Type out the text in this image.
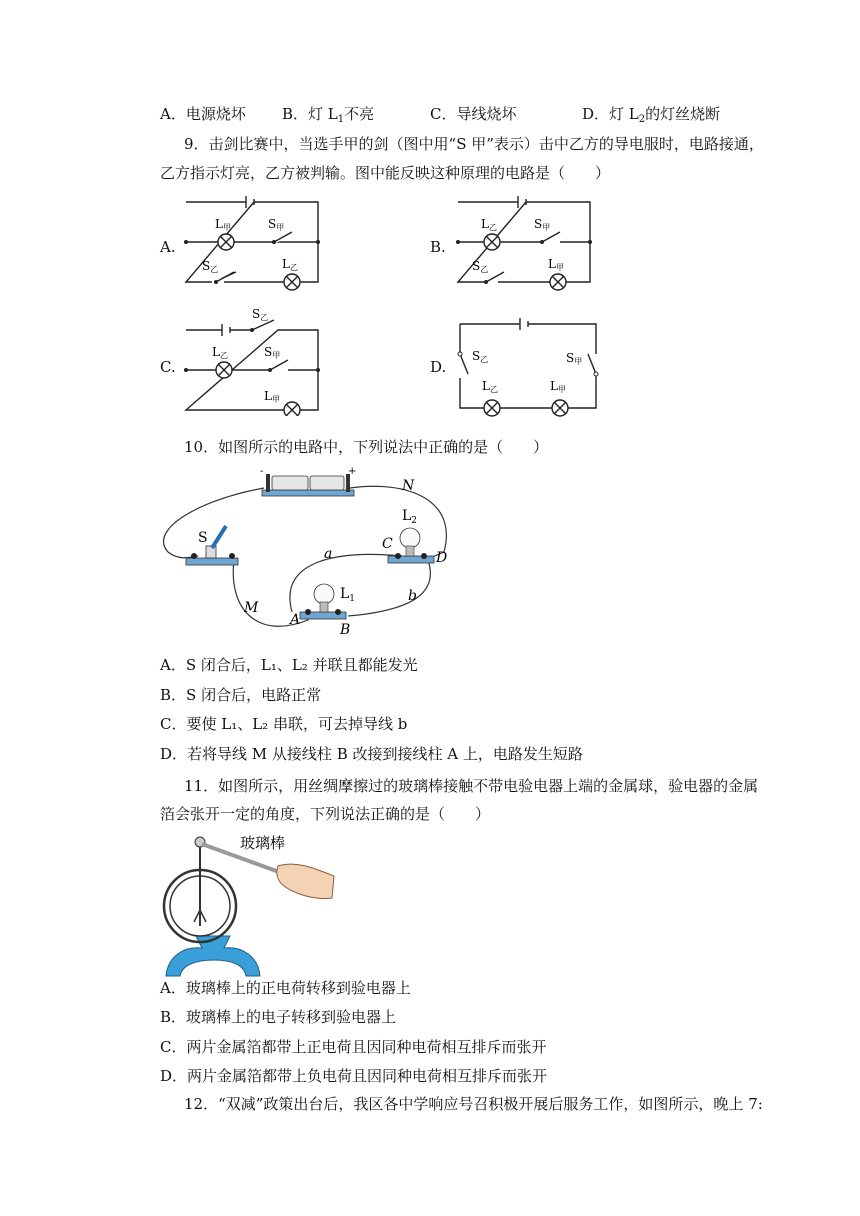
A．电源烧坏 B．灯 $L_1$不亮	C．导线烧坏	D．灯 $L_2$的灯丝烧断
9．击剑比赛中，当选手甲的剑（图中用“S 甲”表示）击中乙方的导电服时，电路接通，
乙方指示灯亮，乙方被判输。图中能反映这种原理的电路是（　　）
A.
L甲	S甲
S乙	L乙
B.
L乙	S甲
S乙	L甲
C.
S乙
L乙	S甲
L甲
D.
S乙	S甲
L乙	L甲
10．如图所示的电路中，下列说法中正确的是（　　）
-	+
S
$L_2$
$L_1$
N
M
a
b
A
B
C
D
A．S 闭合后，L₁、L₂ 并联且都能发光
B．S 闭合后，电路正常
C．要使 L₁、L₂ 串联，可去掉导线 b
D．若将导线 M 从接线柱 B 改接到接线柱 A 上，电路发生短路
11．如图所示，用丝绸摩擦过的玻璃棒接触不带电验电器上端的金属球，验电器的金属
箔会张开一定的角度，下列说法正确的是（　　）
玻璃棒
A．玻璃棒上的正电荷转移到验电器上
B．玻璃棒上的电子转移到验电器上
C．两片金属箔都带上正电荷且因同种电荷相互排斥而张开
D．两片金属箔都带上负电荷且因同种电荷相互排斥而张开
12．“双减”政策出台后，我区各中学响应号召积极开展后服务工作，如图所示，晚上 7:
